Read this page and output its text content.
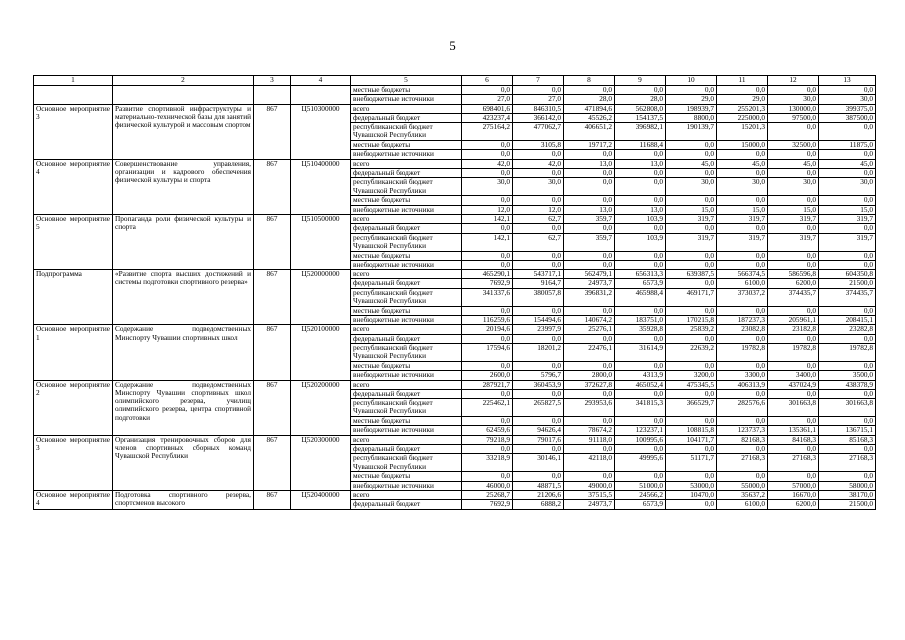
5
1	2	3	4	5	6	7	8	9	10	11	12	13
				местные бюджеты	0,0	0,0	0,0	0,0	0,0	0,0	0,0	0,0
				внебюджетные источники	27,0	27,0	28,0	28,0	29,0	29,0	30,0	30,0
Основное мероприятие 3	Развитие спортивной инфраструктуры и материально-технической базы для занятий физической культурой и массовым спортом	867	Ц510300000	всего	698401,6	846310,5	471894,6	562808,0	198939,7	255201,3	130000,0	399375,0
				федеральный бюджет	423237,4	366142,0	45526,2	154137,5	8800,0	225000,0	97500,0	387500,0
				республиканский бюджет Чувашской Республики	275164,2	477062,7	406651,2	396982,1	190139,7	15201,3	0,0	0,0
				местные бюджеты	0,0	3105,8	19717,2	11688,4	0,0	15000,0	32500,0	11875,0
				внебюджетные источники	0,0	0,0	0,0	0,0	0,0	0,0	0,0	0,0
Основное мероприятие 4	Совершенствование управления, организации и кадрового обеспечения физической культуры и спорта	867	Ц510400000	всего	42,0	42,0	13,0	13,0	45,0	45,0	45,0	45,0
				федеральный бюджет	0,0	0,0	0,0	0,0	0,0	0,0	0,0	0,0
				республиканский бюджет Чувашской Республики	30,0	30,0	0,0	0,0	30,0	30,0	30,0	30,0
				местные бюджеты	0,0	0,0	0,0	0,0	0,0	0,0	0,0	0,0
				внебюджетные источники	12,0	12,0	13,0	13,0	15,0	15,0	15,0	15,0
Основное мероприятие 5	Пропаганда роли физической культуры и спорта	867	Ц510500000	всего	142,1	62,7	359,7	103,9	319,7	319,7	319,7	319,7
				федеральный бюджет	0,0	0,0	0,0	0,0	0,0	0,0	0,0	0,0
				республиканский бюджет Чувашской Республики	142,1	62,7	359,7	103,9	319,7	319,7	319,7	319,7
				местные бюджеты	0,0	0,0	0,0	0,0	0,0	0,0	0,0	0,0
				внебюджетные источники	0,0	0,0	0,0	0,0	0,0	0,0	0,0	0,0
Подпрограмма	«Развитие спорта высших достижений и системы подготовки спортивного резерва»	867	Ц520000000	всего	465290,1	543717,1	562479,1	656313,3	639387,5	566374,5	586596,8	604350,8
				федеральный бюджет	7692,9	9164,7	24973,7	6573,9	0,0	6100,0	6200,0	21500,0
				республиканский бюджет Чувашской Республики	341337,6	380057,8	396831,2	465988,4	469171,7	373037,2	374435,7	374435,7
				местные бюджеты	0,0	0,0	0,0	0,0	0,0	0,0	0,0	0,0
				внебюджетные источники	116259,6	154494,6	140674,2	183751,0	170215,8	187237,3	205961,1	208415,1
Основное мероприятие 1	Содержание подведомственных Минспорту Чувашии спортивных школ	867	Ц520100000	всего	20194,6	23997,9	25276,1	35928,8	25839,2	23082,8	23182,8	23282,8
				федеральный бюджет	0,0	0,0	0,0	0,0	0,0	0,0	0,0	0,0
				республиканский бюджет Чувашской Республики	17594,6	18201,2	22476,1	31614,9	22639,2	19782,8	19782,8	19782,8
				местные бюджеты	0,0	0,0	0,0	0,0	0,0	0,0	0,0	0,0
				внебюджетные источники	2600,0	5796,7	2800,0	4313,9	3200,0	3300,0	3400,0	3500,0
Основное мероприятие 2	Содержание подведомственных Минспорту Чувашии спортивных школ олимпийского резерва, училищ олимпийского резерва, центра спортивной подготовки	867	Ц520200000	всего	287921,7	360453,9	372627,8	465052,4	475345,5	406313,9	437024,9	438378,9
				федеральный бюджет	0,0	0,0	0,0	0,0	0,0	0,0	0,0	0,0
				республиканский бюджет Чувашской Республики	225462,1	265827,5	293953,6	341815,3	366529,7	282576,6	301663,8	301663,8
				местные бюджеты	0,0	0,0	0,0	0,0	0,0	0,0	0,0	0,0
				внебюджетные источники	62459,6	94626,4	78674,2	123237,1	108815,8	123737,3	135361,1	136715,1
Основное мероприятие 3	Организация тренировочных сборов для членов спортивных сборных команд Чувашской Республики	867	Ц520300000	всего	79218,9	79017,6	91118,0	100995,6	104171,7	82168,3	84168,3	85168,3
				федеральный бюджет	0,0	0,0	0,0	0,0	0,0	0,0	0,0	0,0
				республиканский бюджет Чувашской Республики	33218,9	30146,1	42118,0	49995,6	51171,7	27168,3	27168,3	27168,3
				местные бюджеты	0,0	0,0	0,0	0,0	0,0	0,0	0,0	0,0
				внебюджетные источники	46000,0	48871,5	49000,0	51000,0	53000,0	55000,0	57000,0	58000,0
Основное мероприятие 4	Подготовка спортивного резерва, спортсменов высокого	867	Ц520400000	всего	25268,7	21206,6	37515,5	24566,2	10470,0	35637,2	16670,0	38170,0
				федеральный бюджет	7692,9	6888,2	24973,7	6573,9	0,0	6100,0	6200,0	21500,0
